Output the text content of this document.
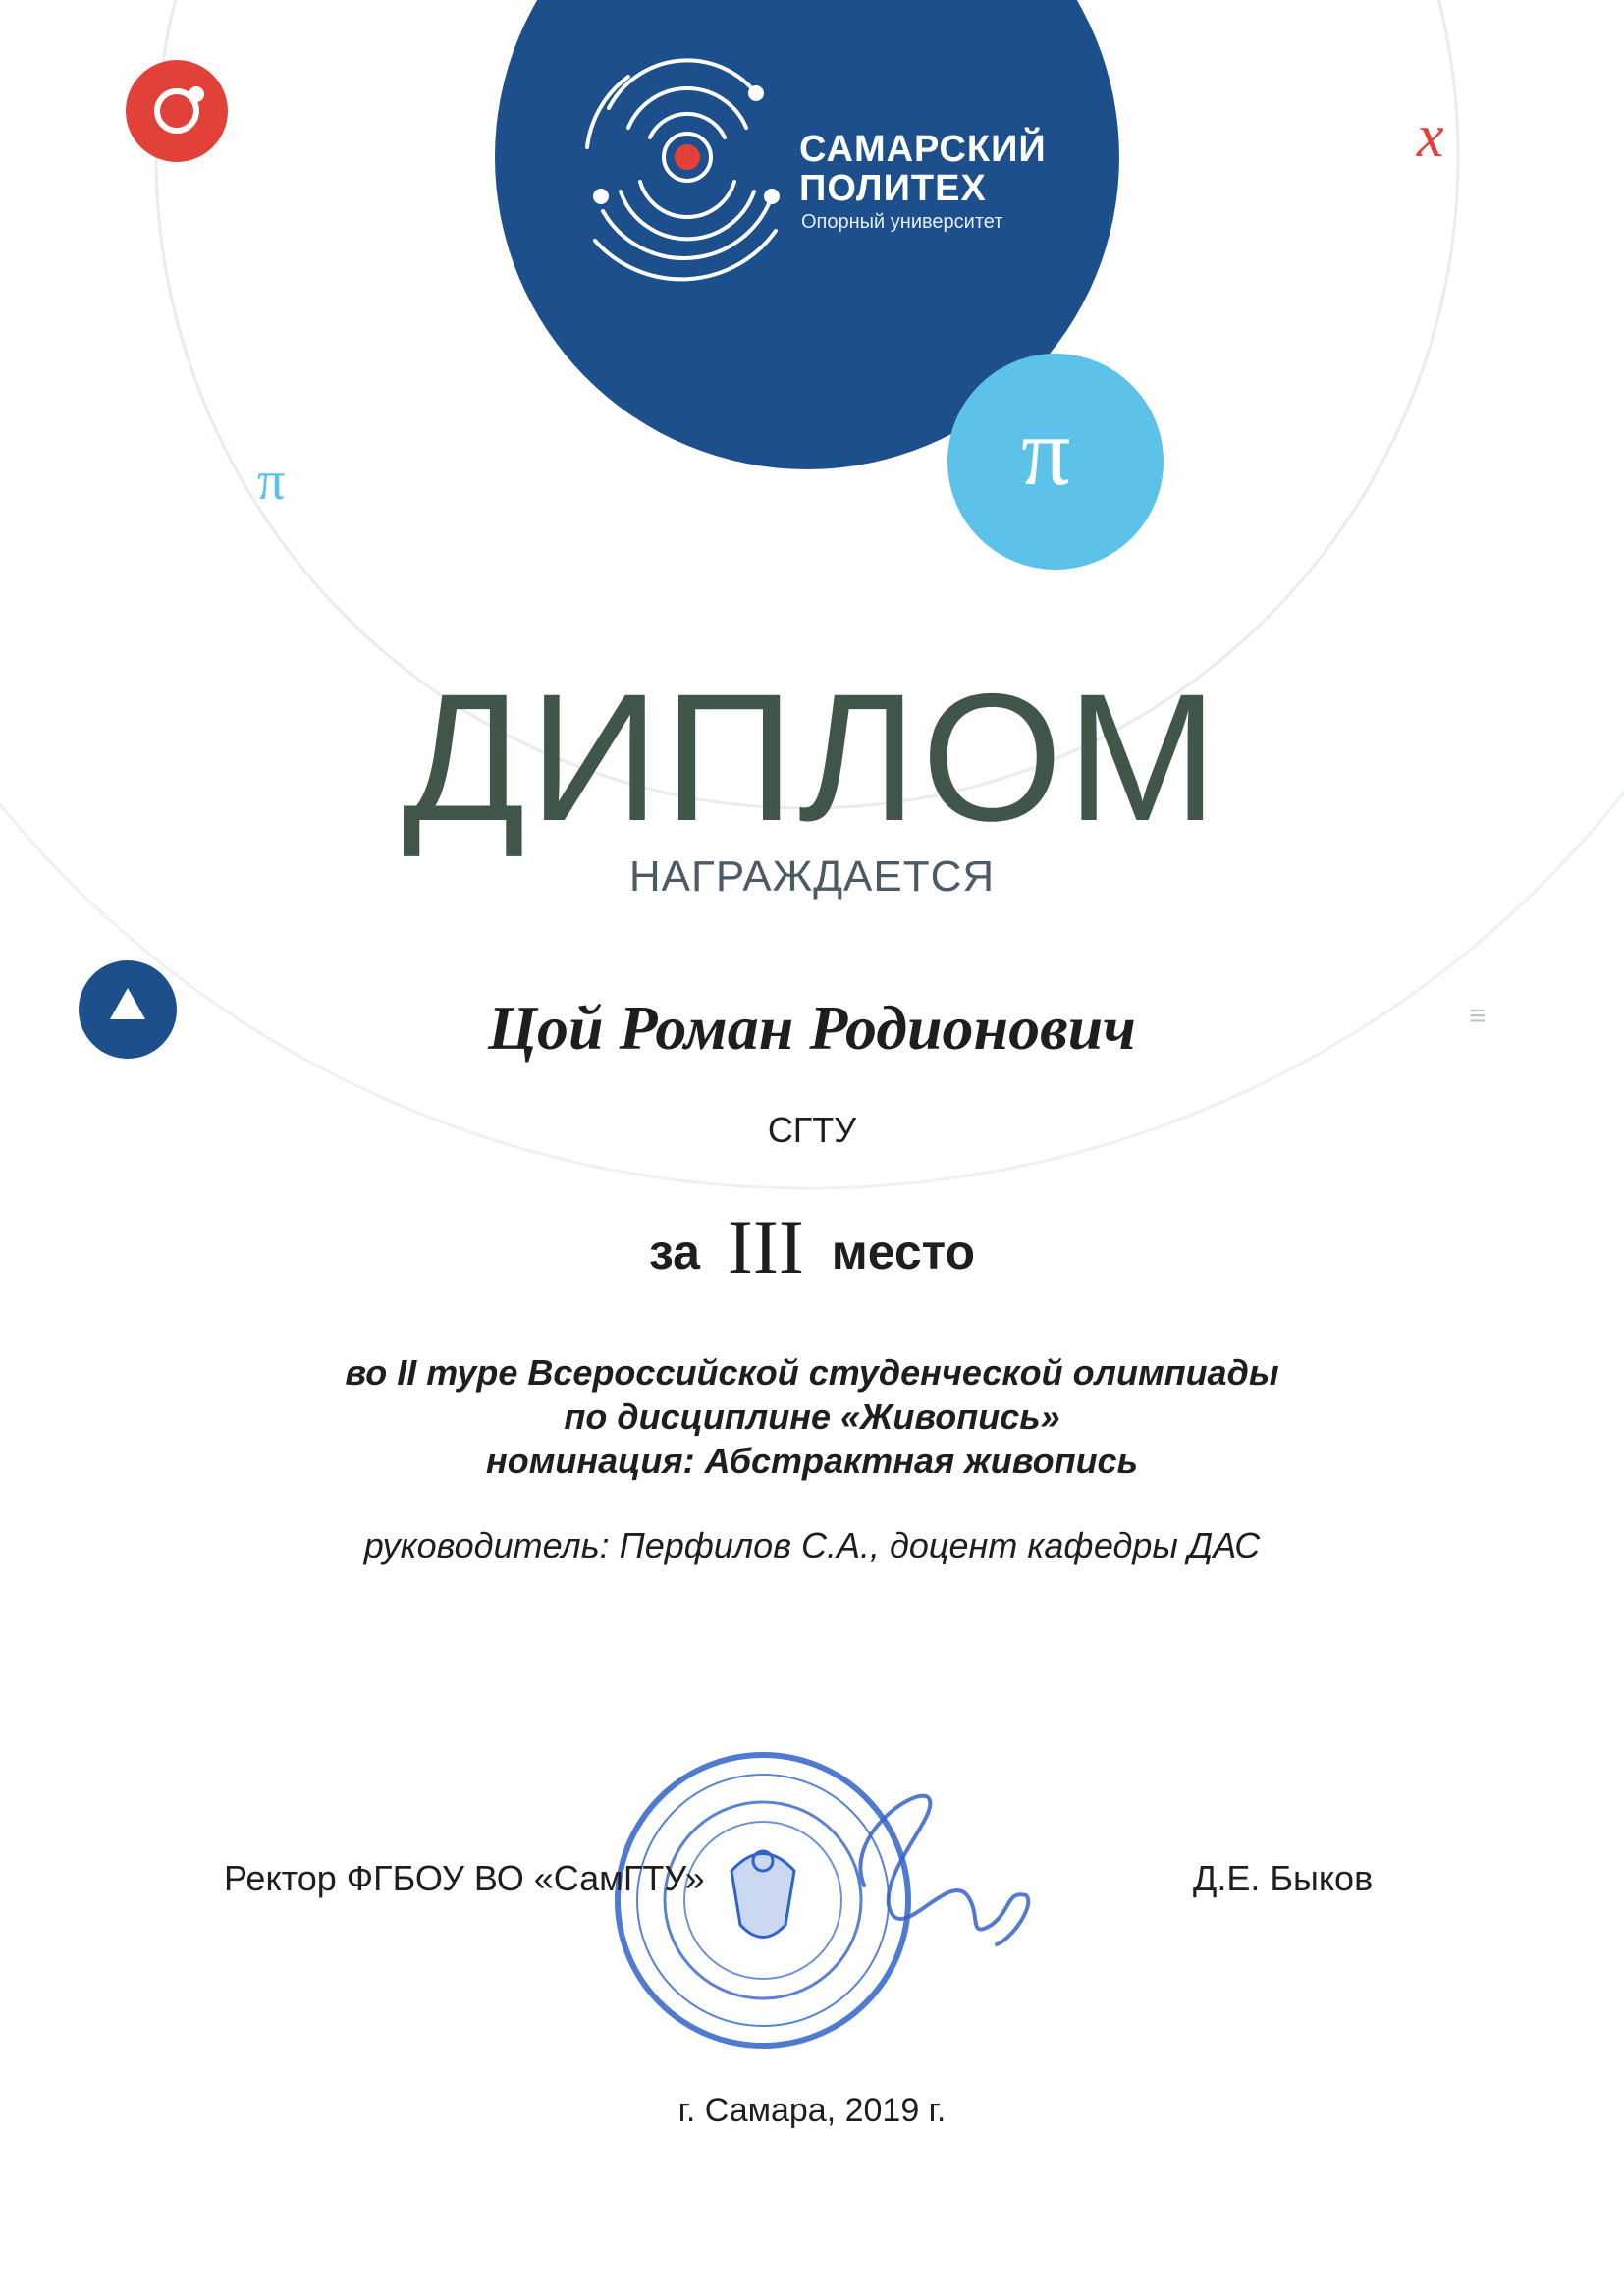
САМАРСКИЙ
ПОЛИТЕХ
Опорный университет
π
π
x
≡
ДИПЛОМ
НАГРАЖДАЕТСЯ
Цой Роман Родионович
СГТУ
за III место
во II туре Всероссийской студенческой олимпиады
по дисциплине «Живопись»
номинация: Абстрактная живопись
руководитель: Перфилов С.А., доцент кафедры ДАС
Ректор ФГБОУ ВО «СамГТУ»	Д.Е. Быков
г. Самара, 2019 г.
